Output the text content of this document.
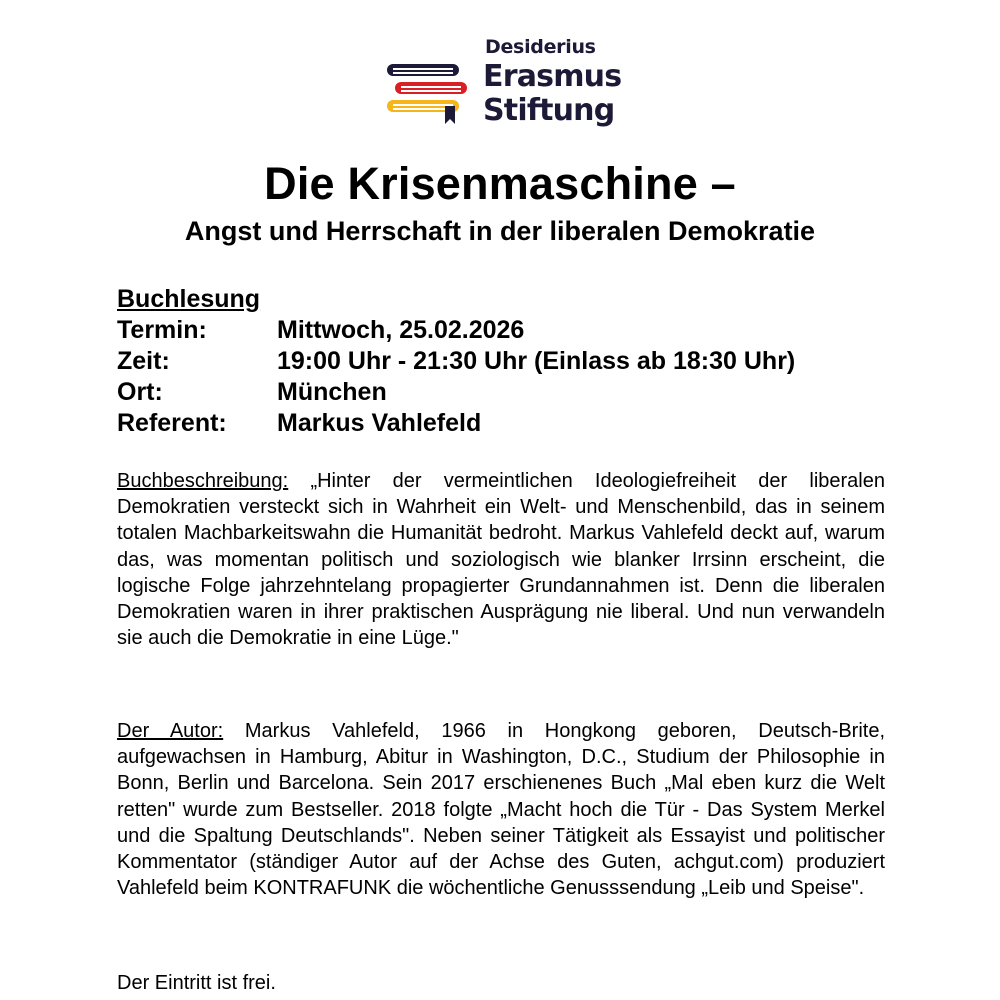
Desiderius
Erasmus
Stiftung
Die Krisenmaschine –
Angst und Herrschaft in der liberalen Demokratie
Buchlesung
Termin:	Mittwoch, 25.02.2026
Zeit:	19:00 Uhr - 21:30 Uhr (Einlass ab 18:30 Uhr)
Ort:	München
Referent:	Markus Vahlefeld

Buchbeschreibung: „Hinter der vermeintlichen Ideologiefreiheit der liberalen Demokratien versteckt sich in Wahrheit ein Welt- und Menschenbild, das in seinem totalen Machbarkeitswahn die Humanität bedroht. Markus Vahlefeld deckt auf, warum das, was momentan politisch und soziologisch wie blanker Irrsinn erscheint, die logische Folge jahrzehntelang propagierter Grundannahmen ist. Denn die liberalen Demokratien waren in ihrer praktischen Ausprägung nie liberal. Und nun verwandeln sie auch die Demokratie in eine Lüge."

Der Autor: Markus Vahlefeld, 1966 in Hongkong geboren, Deutsch-Brite, aufgewachsen in Hamburg, Abitur in Washington, D.C., Studium der Philosophie in Bonn, Berlin und Barcelona. Sein 2017 erschienenes Buch „Mal eben kurz die Welt retten" wurde zum Bestseller. 2018 folgte „Macht hoch die Tür - Das System Merkel und die Spaltung Deutschlands". Neben seiner Tätigkeit als Essayist und politischer Kommentator (ständiger Autor auf der Achse des Guten, achgut.com) produziert Vahlefeld beim KONTRAFUNK die wöchentliche Genusssendung „Leib und Speise".

Der Eintritt ist frei.
